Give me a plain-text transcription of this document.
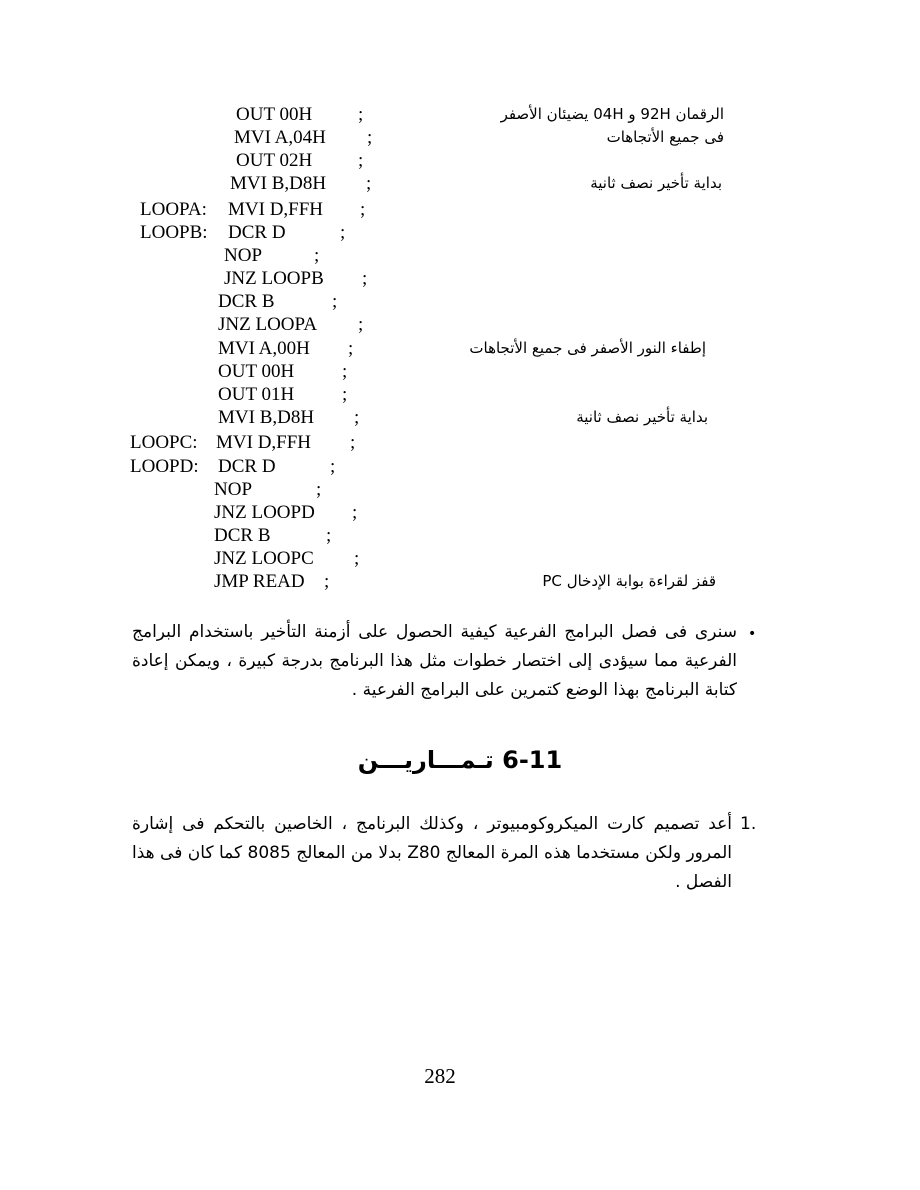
OUT 00H ;	الرقمان 92H و 04H يضيئان الأصفر
MVI A,04H ;	فى جميع الأتجاهات
OUT 02H ;
MVI B,D8H ;	بداية تأخير نصف ثانية
LOOPA: MVI D,FFH ;
LOOPB: DCR D	;
NOP	;
JNZ LOOPB ;
DCR B	;
JNZ LOOPA ;
MVI A,00H ;	إطفاء النور الأصفر فى جميع الأتجاهات
OUT 00H	;
OUT 01H	;
MVI B,D8H ;	بداية تأخير نصف ثانية
LOOPC: MVI D,FFH ;
LOOPD: DCR D	;
NOP	;
JNZ LOOPD ;
DCR B	;
JNZ LOOPC ;
JMP READ ;	قفز لقراءة بوابة الإدخال PC
•
سنرى فى فصل البرامج الفرعية كيفية الحصول على أزمنة التأخير باستخدام البرامج الفرعية مما سيؤدى إلى اختصار خطوات مثل هذا البرنامج بدرجة كبيرة ، ويمكن إعادة كتابة البرنامج بهذا الوضع كتمرين على البرامج الفرعية .
6-11 تـمـــاريـــن
1.
أعد تصميم كارت الميكروكومبيوتر ، وكذلك البرنامج ، الخاصين بالتحكم فى إشارة المرور ولكن مستخدما هذه المرة المعالج Z80 بدلا من المعالج 8085 كما كان فى هذا الفصل .
282
